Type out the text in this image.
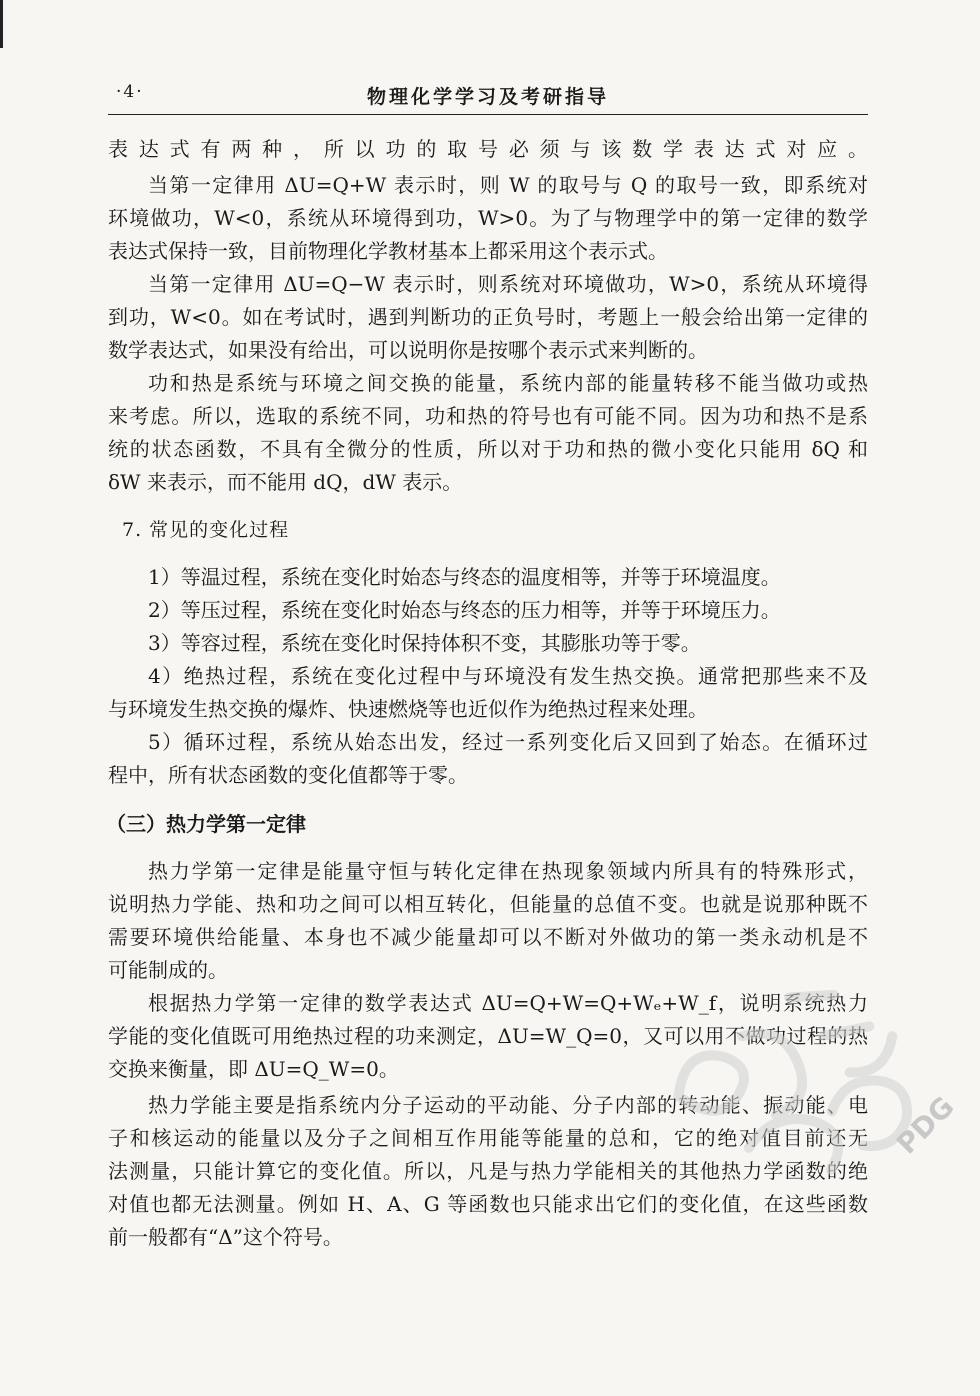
·4·	物理化学学习及考研指导
表达式有两种，所以功的取号必须与该数学表达式对应。
当第一定律用 ΔU=Q+W 表示时，则 W 的取号与 Q 的取号一致，即系统对
环境做功，W<0，系统从环境得到功，W>0。为了与物理学中的第一定律的数学
表达式保持一致，目前物理化学教材基本上都采用这个表示式。
当第一定律用 ΔU=Q−W 表示时，则系统对环境做功，W>0，系统从环境得
到功，W<0。如在考试时，遇到判断功的正负号时，考题上一般会给出第一定律的
数学表达式，如果没有给出，可以说明你是按哪个表示式来判断的。
功和热是系统与环境之间交换的能量，系统内部的能量转移不能当做功或热
来考虑。所以，选取的系统不同，功和热的符号也有可能不同。因为功和热不是系
统的状态函数，不具有全微分的性质，所以对于功和热的微小变化只能用 δQ 和
δW 来表示，而不能用 dQ，dW 表示。
7. 常见的变化过程
1）等温过程，系统在变化时始态与终态的温度相等，并等于环境温度。
2）等压过程，系统在变化时始态与终态的压力相等，并等于环境压力。
3）等容过程，系统在变化时保持体积不变，其膨胀功等于零。
4）绝热过程，系统在变化过程中与环境没有发生热交换。通常把那些来不及
与环境发生热交换的爆炸、快速燃烧等也近似作为绝热过程来处理。
5）循环过程，系统从始态出发，经过一系列变化后又回到了始态。在循环过
程中，所有状态函数的变化值都等于零。
（三）热力学第一定律
热力学第一定律是能量守恒与转化定律在热现象领域内所具有的特殊形式，
说明热力学能、热和功之间可以相互转化，但能量的总值不变。也就是说那种既不
需要环境供给能量、本身也不减少能量却可以不断对外做功的第一类永动机是不
可能制成的。
根据热力学第一定律的数学表达式 ΔU=Q+W=Q+Wₑ+W_f，说明系统热力
学能的变化值既可用绝热过程的功来测定，ΔU=W_Q=0，又可以用不做功过程的热
交换来衡量，即 ΔU=Q_W=0。
热力学能主要是指系统内分子运动的平动能、分子内部的转动能、振动能、电
子和核运动的能量以及分子之间相互作用能等能量的总和，它的绝对值目前还无
法测量，只能计算它的变化值。所以，凡是与热力学能相关的其他热力学函数的绝
对值也都无法测量。例如 H、A、G 等函数也只能求出它们的变化值，在这些函数
前一般都有“Δ”这个符号。
PDG
